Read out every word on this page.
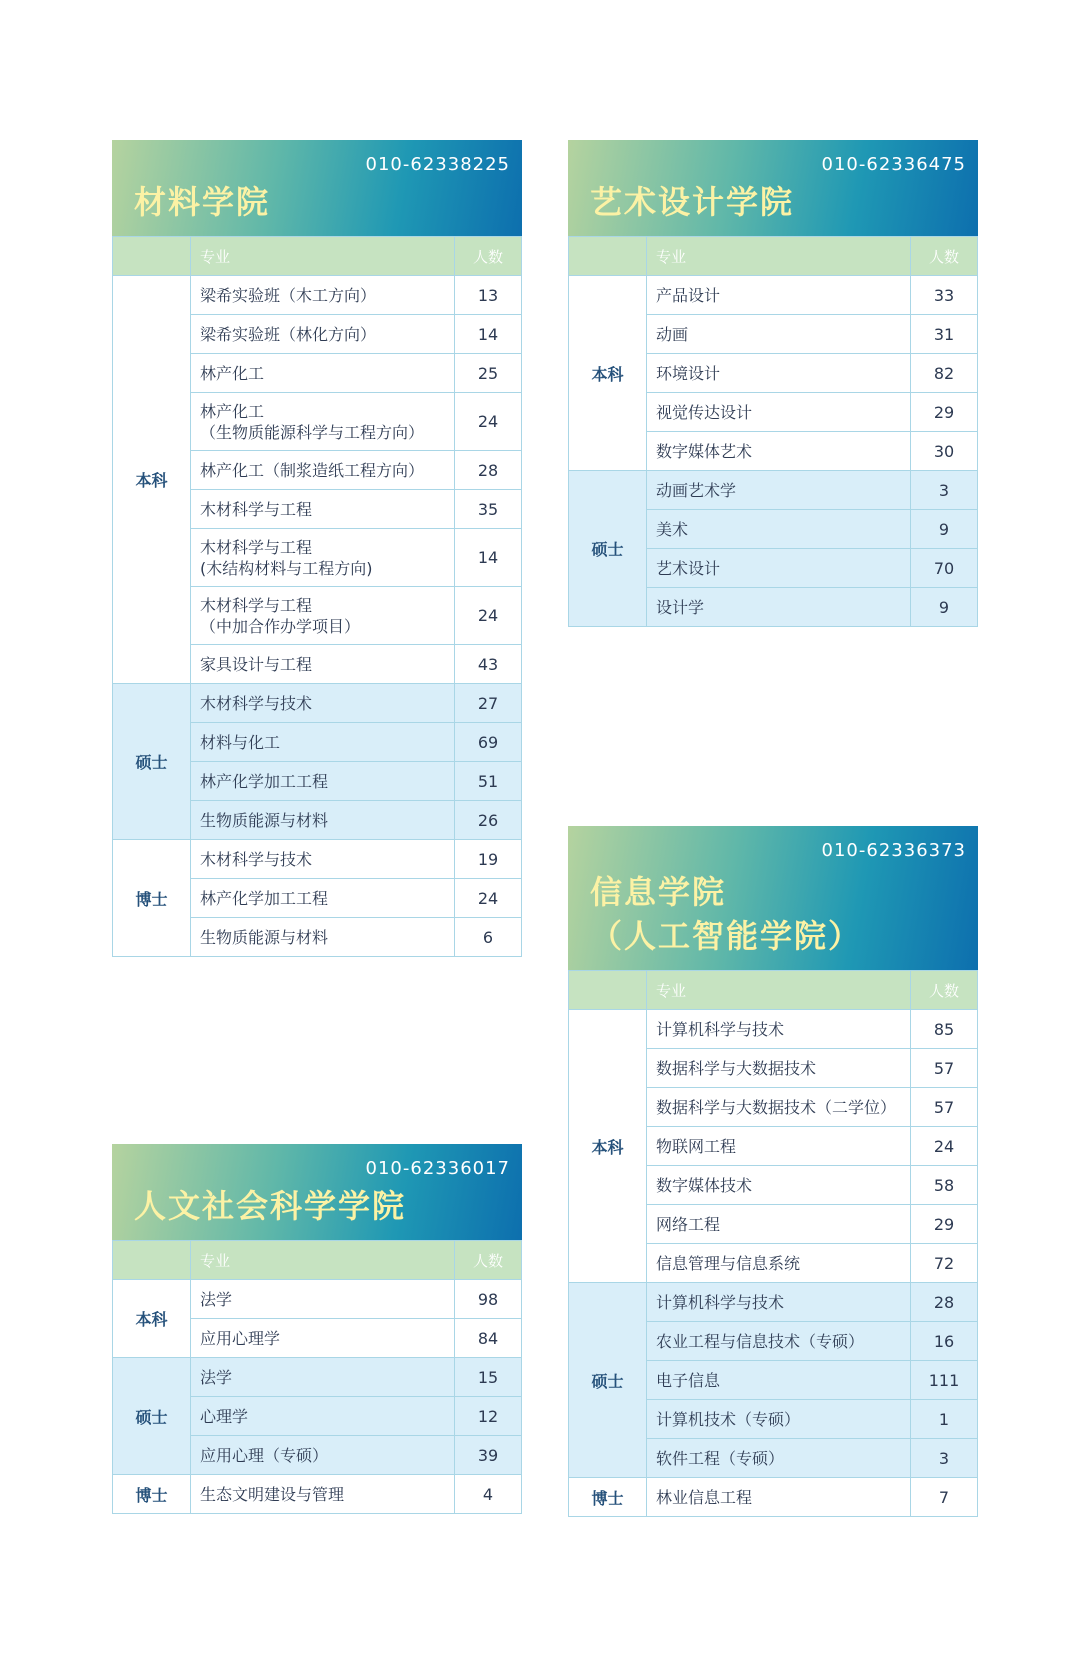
010-62338225
材料学院
	专业	人数
本科	梁希实验班（木工方向）	13

	梁希实验班（林化方向）	14

	林产化工	25

	林产化工
（生物质能源科学与工程方向）	24

	林产化工（制浆造纸工程方向）	28

	木材科学与工程	35

	木材科学与工程
(木结构材料与工程方向)	14

	木材科学与工程
（中加合作办学项目）	24

	家具设计与工程	43
硕士	木材科学与技术	27

	材料与化工	69

	林产化学加工工程	51

	生物质能源与材料	26
博士	木材科学与技术	19

	林产化学加工工程	24

	生物质能源与材料	6
010-62336475
艺术设计学院
	专业	人数
本科	产品设计	33

	动画	31

	环境设计	82

	视觉传达设计	29

	数字媒体艺术	30
硕士	动画艺术学	3

	美术	9

	艺术设计	70

	设计学	9
010-62336017
人文社会科学学院
	专业	人数
本科	法学	98

	应用心理学	84
硕士	法学	15

	心理学	12

	应用心理（专硕）	39
博士	生态文明建设与管理	4
010-62336373
信息学院
（人工智能学院）
	专业	人数
本科	计算机科学与技术	85

	数据科学与大数据技术	57

	数据科学与大数据技术（二学位）	57

	物联网工程	24

	数字媒体技术	58

	网络工程	29

	信息管理与信息系统	72
硕士	计算机科学与技术	28

	农业工程与信息技术（专硕）	16

	电子信息	111

	计算机技术（专硕）	1

	软件工程（专硕）	3
博士	林业信息工程	7
